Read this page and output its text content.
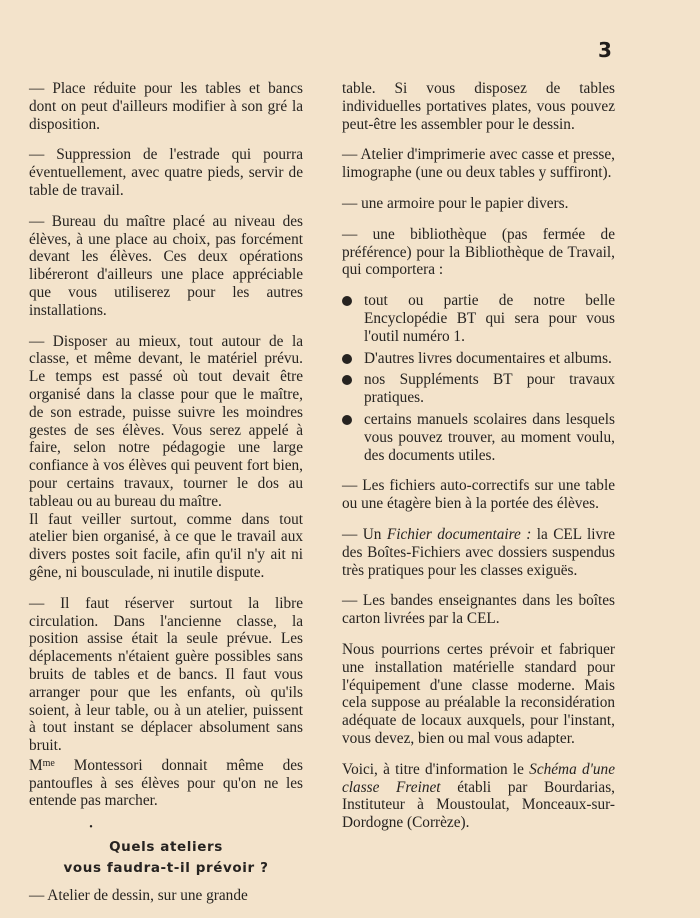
3

— Place réduite pour les tables et bancs dont on peut d'ailleurs modifier à son gré la disposition.

— Suppression de l'estrade qui pourra éventuellement, avec quatre pieds, servir de table de travail.

— Bureau du maître placé au niveau des élèves, à une place au choix, pas forcément devant les élèves. Ces deux opérations libéreront d'ailleurs une place appréciable que vous utiliserez pour les autres installations.

— Disposer au mieux, tout autour de la classe, et même devant, le matériel prévu. Le temps est passé où tout devait être organisé dans la classe pour que le maître, de son estrade, puisse suivre les moindres gestes de ses élèves. Vous serez appelé à faire, selon notre pédagogie une large confiance à vos élèves qui peuvent fort bien, pour certains travaux, tourner le dos au tableau ou au bureau du maître.

Il faut veiller surtout, comme dans tout atelier bien organisé, à ce que le travail aux divers postes soit facile, afin qu'il n'y ait ni gêne, ni bousculade, ni inutile dispute.

— Il faut réserver surtout la libre circulation. Dans l'ancienne classe, la position assise était la seule prévue. Les déplacements n'étaient guère possibles sans bruits de tables et de bancs. Il faut vous arranger pour que les enfants, où qu'ils soient, à leur table, ou à un atelier, puissent à tout instant se déplacer absolument sans bruit.

$M^{me}$ Montessori donnait même des pantoufles à ses élèves pour qu'on ne les entende pas marcher.

•
Quels ateliers
vous faudra-t-il prévoir ?

— Atelier de dessin, sur une grande

table. Si vous disposez de tables individuelles portatives plates, vous pouvez peut-être les assembler pour le dessin.

— Atelier d'imprimerie avec casse et presse, limographe (une ou deux tables y suffiront).

— une armoire pour le papier divers.

— une bibliothèque (pas fermée de préférence) pour la Bibliothèque de Travail, qui comportera :

tout ou partie de notre belle Encyclopédie BT qui sera pour vous l'outil numéro 1.

D'autres livres documentaires et albums.

nos Suppléments BT pour travaux pratiques.

certains manuels scolaires dans lesquels vous pouvez trouver, au moment voulu, des documents utiles.

— Les fichiers auto-correctifs sur une table ou une étagère bien à la portée des élèves.

— Un Fichier documentaire : la CEL livre des Boîtes-Fichiers avec dossiers suspendus très pratiques pour les classes exiguës.

— Les bandes enseignantes dans les boîtes carton livrées par la CEL.

Nous pourrions certes prévoir et fabriquer une installation matérielle standard pour l'équipement d'une classe moderne. Mais cela suppose au préalable la reconsidération adéquate de locaux auxquels, pour l'instant, vous devez, bien ou mal vous adapter.

Voici, à titre d'information le Schéma d'une classe Freinet établi par Bourdarias, Instituteur à Moustoulat, Monceaux-sur-Dordogne (Corrèze).
